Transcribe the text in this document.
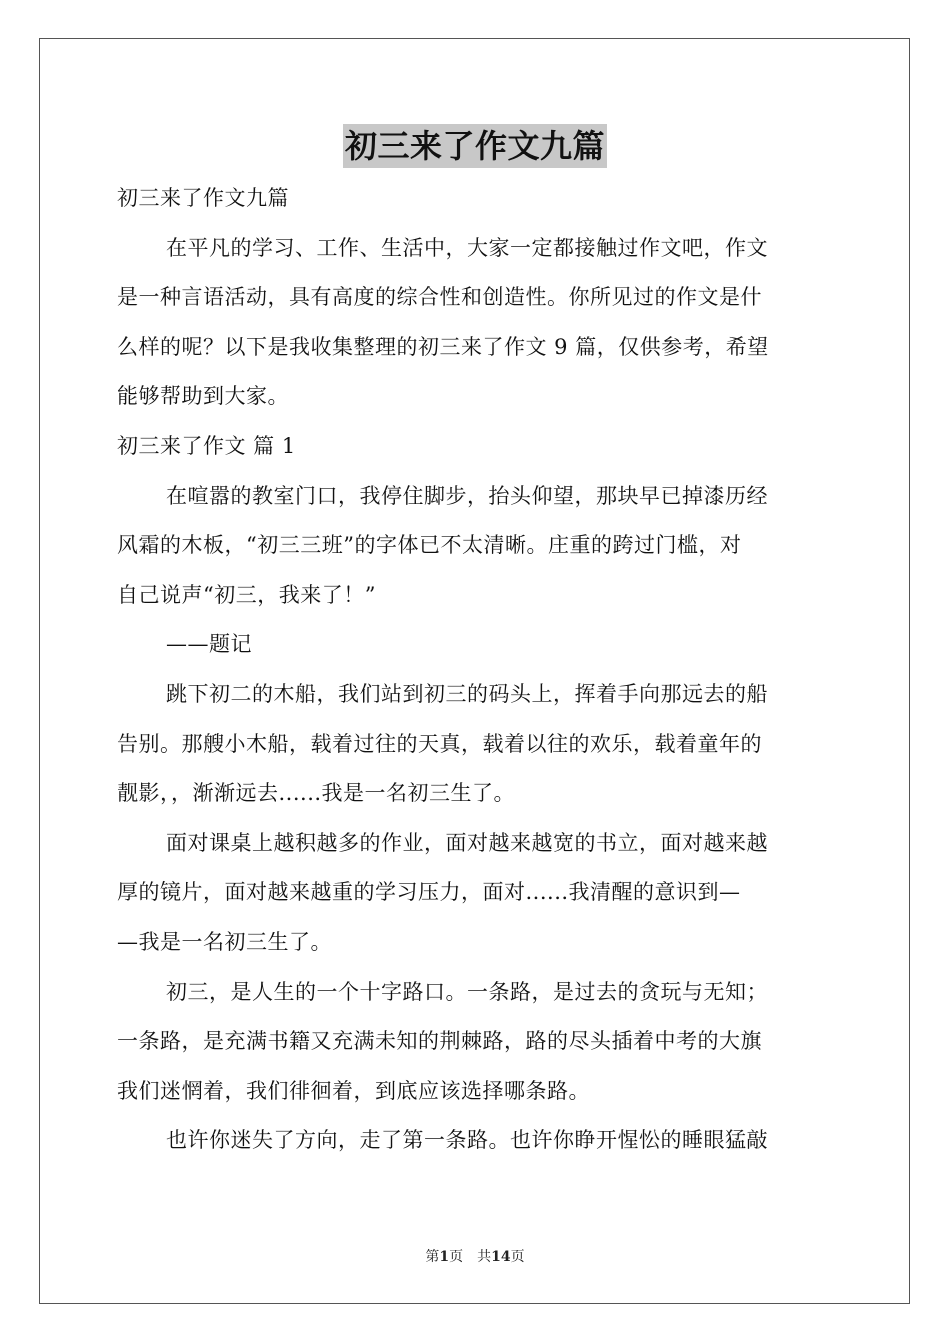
初三来了作文九篇
初三来了作文九篇
在平凡的学习、工作、生活中，大家一定都接触过作文吧，作文
是一种言语活动，具有高度的综合性和创造性。你所见过的作文是什
么样的呢？以下是我收集整理的初三来了作文 9 篇，仅供参考，希望
能够帮助到大家。
初三来了作文 篇 1
在喧嚣的教室门口，我停住脚步，抬头仰望，那块早已掉漆历经
风霜的木板，“初三三班”的字体已不太清晰。庄重的跨过门槛，对
自己说声“初三，我来了！”
——题记
跳下初二的木船，我们站到初三的码头上，挥着手向那远去的船
告别。那艘小木船，载着过往的天真，载着以往的欢乐，载着童年的
靓影，，渐渐远去......我是一名初三生了。
面对课桌上越积越多的作业，面对越来越宽的书立，面对越来越
厚的镜片，面对越来越重的学习压力，面对......我清醒的意识到—
—我是一名初三生了。
初三，是人生的一个十字路口。一条路，是过去的贪玩与无知；
一条路，是充满书籍又充满未知的荆棘路，路的尽头插着中考的大旗
我们迷惘着，我们徘徊着，到底应该选择哪条路。
也许你迷失了方向，走了第一条路。也许你睁开惺忪的睡眼猛敲
第1页 共14页
